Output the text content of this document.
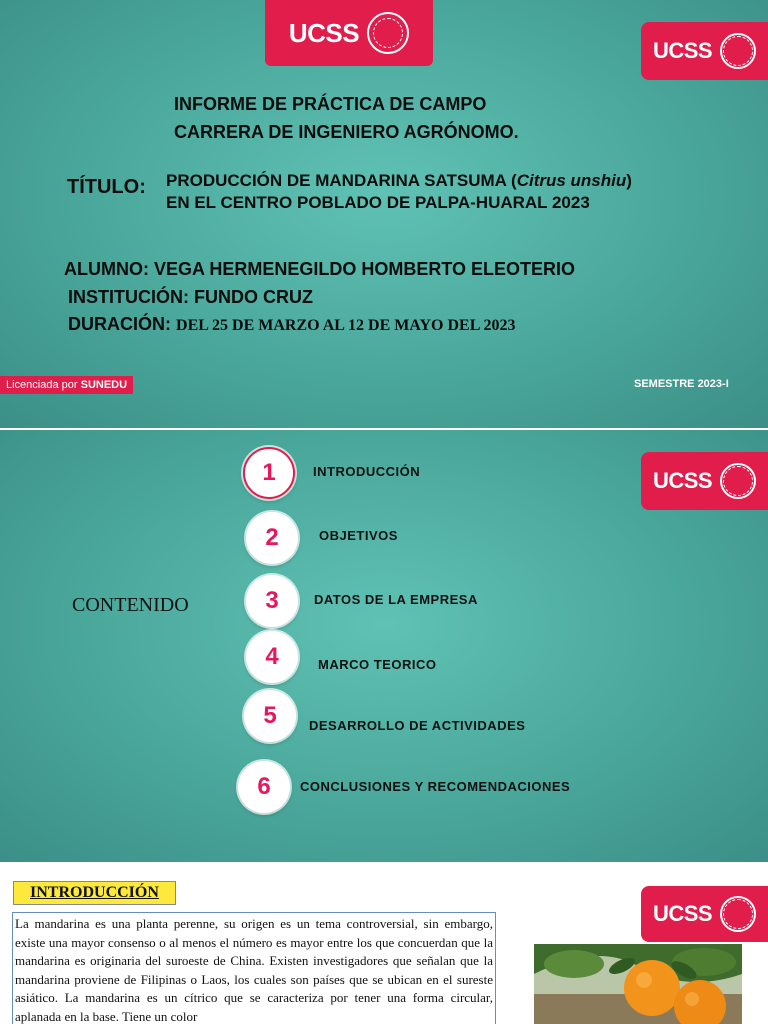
UCSS
UCSS
INFORME DE PRÁCTICA DE CAMPO
CARRERA DE INGENIERO AGRÓNOMO.
TÍTULO: PRODUCCIÓN DE MANDARINA SATSUMA (Citrus unshiu) EN EL CENTRO POBLADO DE PALPA-HUARAL 2023
ALUMNO: VEGA HERMENEGILDO HOMBERTO ELEOTERIO
INSTITUCIÓN: FUNDO CRUZ
DURACIÓN: DEL 25 DE MARZO AL 12 DE MAYO DEL 2023
Licenciada por SUNEDU	SEMESTRE 2023-I
UCSS
CONTENIDO
1	INTRODUCCIÓN
2	OBJETIVOS
3	DATOS DE LA EMPRESA
4	MARCO TEORICO
5	DESARROLLO DE ACTIVIDADES
6	CONCLUSIONES Y RECOMENDACIONES
INTRODUCCIÓN
La mandarina es una planta perenne, su origen es un tema controversial, sin embargo, existe una mayor consenso o al menos el número es mayor entre los que concuerdan que la mandarina es originaria del suroeste de China. Existen investigadores que señalan que la mandarina proviene de Filipinas o Laos, los cuales son países que se ubican en el sureste asiático. La mandarina es un cítrico que se caracteriza por tener una forma circular, aplanada en la base. Tiene un color
UCSS
